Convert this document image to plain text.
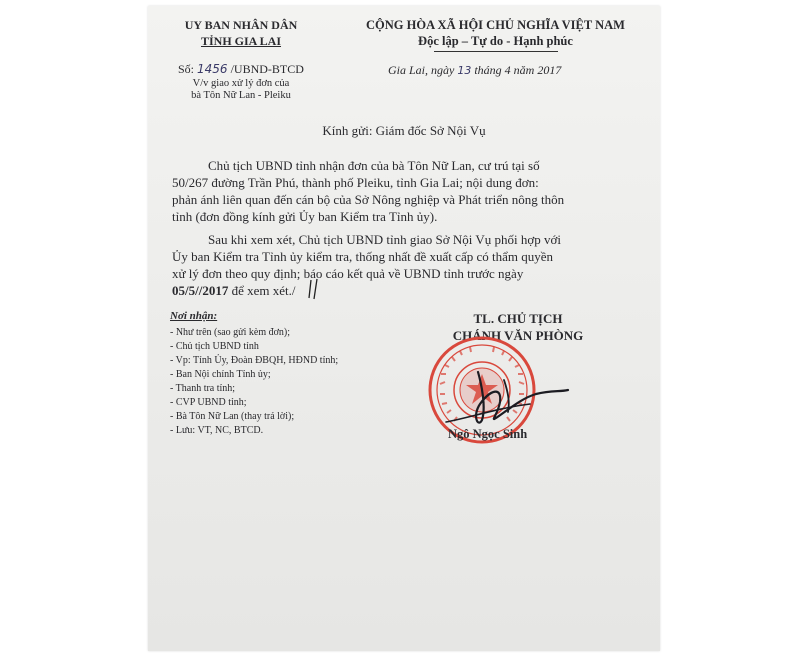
UY BAN NHÂN DÂN
TỈNH GIA LAI
CỘNG HÒA XÃ HỘI CHỦ NGHĨA VIỆT NAM
Độc lập – Tự do - Hạnh phúc
Số: 1456 /UBND-BTCD
V/v giao xử lý đơn của
bà Tôn Nữ Lan - Pleiku
Gia Lai, ngày 13 tháng 4 năm 2017
Kính gửi: Giám đốc Sở Nội Vụ
Chủ tịch UBND tỉnh nhận đơn của bà Tôn Nữ Lan, cư trú tại số
50/267 đường Trần Phú, thành phố Pleiku, tỉnh Gia Lai; nội dung đơn:
phản ánh liên quan đến cán bộ của Sở Nông nghiệp và Phát triển nông thôn
tỉnh (đơn đồng kính gửi Ủy ban Kiểm tra Tỉnh ủy).
Sau khi xem xét, Chủ tịch UBND tỉnh giao Sở Nội Vụ phối hợp với
Ủy ban Kiểm tra Tỉnh ủy kiểm tra, thống nhất đề xuất cấp có thẩm quyền
xử lý đơn theo quy định; báo cáo kết quả về UBND tỉnh trước ngày
05/5//2017 để xem xét./
Nơi nhận:
- Như trên (sao gửi kèm đơn);
- Chủ tịch UBND tỉnh
- Vp: Tỉnh Ủy, Đoàn ĐBQH, HĐND tỉnh;
- Ban Nội chính Tỉnh ủy;
- Thanh tra tỉnh;
- CVP UBND tỉnh;
- Bà Tôn Nữ Lan (thay trả lời);
- Lưu: VT, NC, BTCD.
TL. CHỦ TỊCH
CHÁNH VĂN PHÒNG
Ngô Ngọc Sinh
